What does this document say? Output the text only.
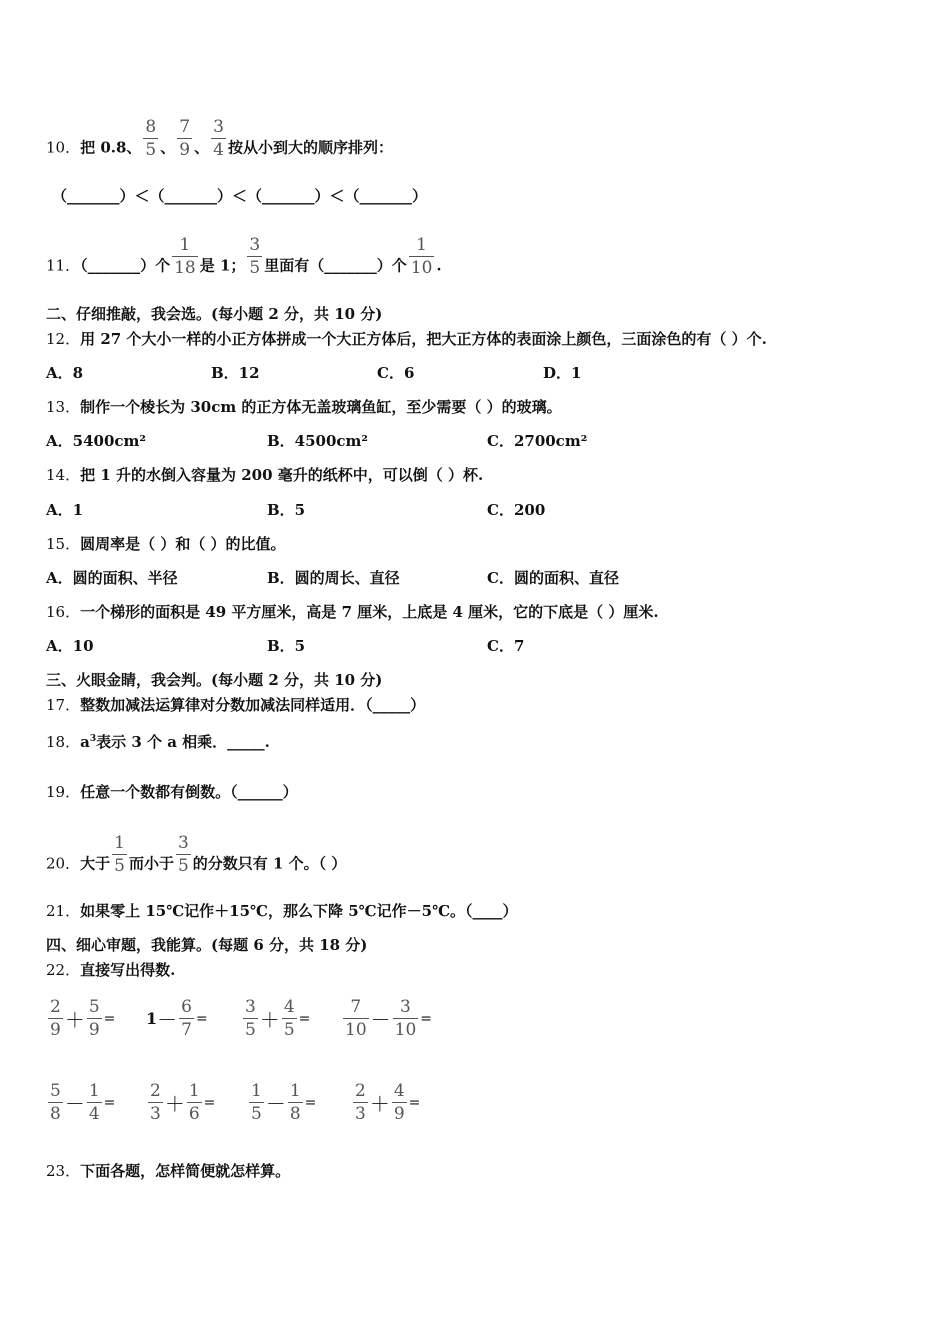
10．把 0.8、 $\frac{8}{5}$ 、 $\frac{7}{9}$ 、 $\frac{3}{4}$ 按从小到大的顺序排列：
（_______）＜（_______）＜（_______）＜（_______）
11．（_______）个 $\frac{1}{18}$ 是 1； $\frac{3}{5}$ 里面有（_______）个 $\frac{1}{10}$ .
二、仔细推敲，我会选。(每小题 2 分，共 10 分)
12．用 27 个大小一样的小正方体拼成一个大正方体后，把大正方体的表面涂上颜色，三面涂色的有（ ）个.
A．8	B．12	C．6	D．1
13．制作一个棱长为 30cm 的正方体无盖玻璃鱼缸，至少需要（ ）的玻璃。
A．5400cm²	B．4500cm²	C．2700cm²
14．把 1 升的水倒入容量为 200 毫升的纸杯中，可以倒（ ）杯.
A．1	B．5	C．200
15．圆周率是（ ）和（ ）的比值。
A．圆的面积、半径	B．圆的周长、直径	C．圆的面积、直径
16．一个梯形的面积是 49 平方厘米，高是 7 厘米，上底是 4 厘米，它的下底是（ ）厘米.
A．10	B．5	C．7
三、火眼金睛，我会判。(每小题 2 分，共 10 分)
17．整数加减法运算律对分数加减法同样适用．（_____）
18．$a^3$表示 3 个 a 相乘．_____.
19．任意一个数都有倒数。（______）
20．大于 $\frac{1}{5}$ 而小于 $\frac{3}{5}$ 的分数只有 1 个。（ ）
21．如果零上 15℃记作＋15℃，那么下降 5℃记作－5℃。（____）
四、细心审题，我能算。(每题 6 分，共 18 分)
22．直接写出得数.
$\frac{2}{9} + \frac{5}{9} ^=$ $1- \frac{6}{7} ^= \frac{3}{5} + \frac{4}{5} ^= \frac{7}{10} - \frac{3}{10} ^=$
$\frac{5}{8} - \frac{1}{4} ^= \frac{2}{3} + \frac{1}{6} ^= \frac{1}{5} - \frac{1}{8} ^= \frac{2}{3} + \frac{4}{9} ^=$
23．下面各题，怎样简便就怎样算。
